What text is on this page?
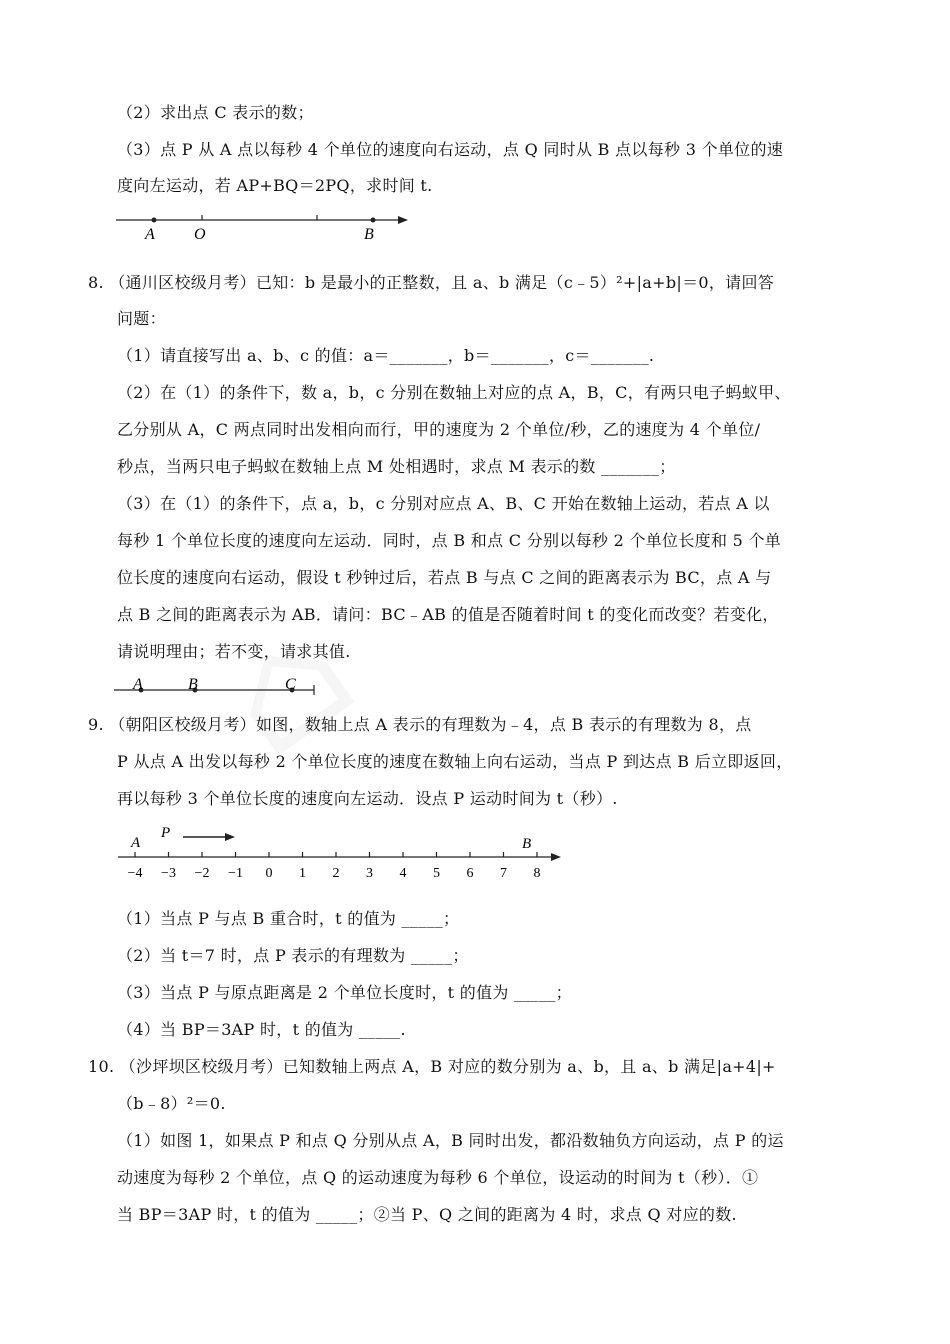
（2）求出点 C 表示的数；
（3）点 P 从 A 点以每秒 4 个单位的速度向右运动，点 Q 同时从 B 点以每秒 3 个单位的速
度向左运动，若 AP+BQ＝2PQ，求时间 t.
A O	B
8. （通川区校级月考）已知：b 是最小的正整数，且 a、b 满足（c﹣5）²+|a+b|＝0，请回答
问题：
（1）请直接写出 a、b、c 的值：a＝_______，b＝_______，c＝_______.
（2）在（1）的条件下，数 a，b，c 分别在数轴上对应的点 A，B，C，有两只电子蚂蚁甲、
乙分别从 A，C 两点同时出发相向而行，甲的速度为 2 个单位/秒，乙的速度为 4 个单位/
秒点，当两只电子蚂蚁在数轴上点 M 处相遇时，求点 M 表示的数 _______；
（3）在（1）的条件下，点 a，b，c 分别对应点 A、B、C 开始在数轴上运动，若点 A 以
每秒 1 个单位长度的速度向左运动．同时，点 B 和点 C 分别以每秒 2 个单位长度和 5 个单
位长度的速度向右运动，假设 t 秒钟过后，若点 B 与点 C 之间的距离表示为 BC，点 A 与
点 B 之间的距离表示为 AB．请问：BC﹣AB 的值是否随着时间 t 的变化而改变？若变化，
请说明理由；若不变，请求其值.
A	B	C
9. （朝阳区校级月考）如图，数轴上点 A 表示的有理数为﹣4，点 B 表示的有理数为 8，点
P 从点 A 出发以每秒 2 个单位长度的速度在数轴上向右运动，当点 P 到达点 B 后立即返回，
再以每秒 3 个单位长度的速度向左运动．设点 P 运动时间为 t（秒）.
−4 −3 −2 −1 0 1 2 3 4 5 6 7 8
A
P
B
（1）当点 P 与点 B 重合时，t 的值为 _____；
（2）当 t＝7 时，点 P 表示的有理数为 _____；
（3）当点 P 与原点距离是 2 个单位长度时，t 的值为 _____；
（4）当 BP＝3AP 时，t 的值为 _____.
10. （沙坪坝区校级月考）已知数轴上两点 A，B 对应的数分别为 a、b，且 a、b 满足|a+4|+
（b﹣8）²＝0.
（1）如图 1，如果点 P 和点 Q 分别从点 A，B 同时出发，都沿数轴负方向运动，点 P 的运
动速度为每秒 2 个单位，点 Q 的运动速度为每秒 6 个单位，设运动的时间为 t（秒）．①
当 BP＝3AP 时，t 的值为 _____；②当 P、Q 之间的距离为 4 时，求点 Q 对应的数.
